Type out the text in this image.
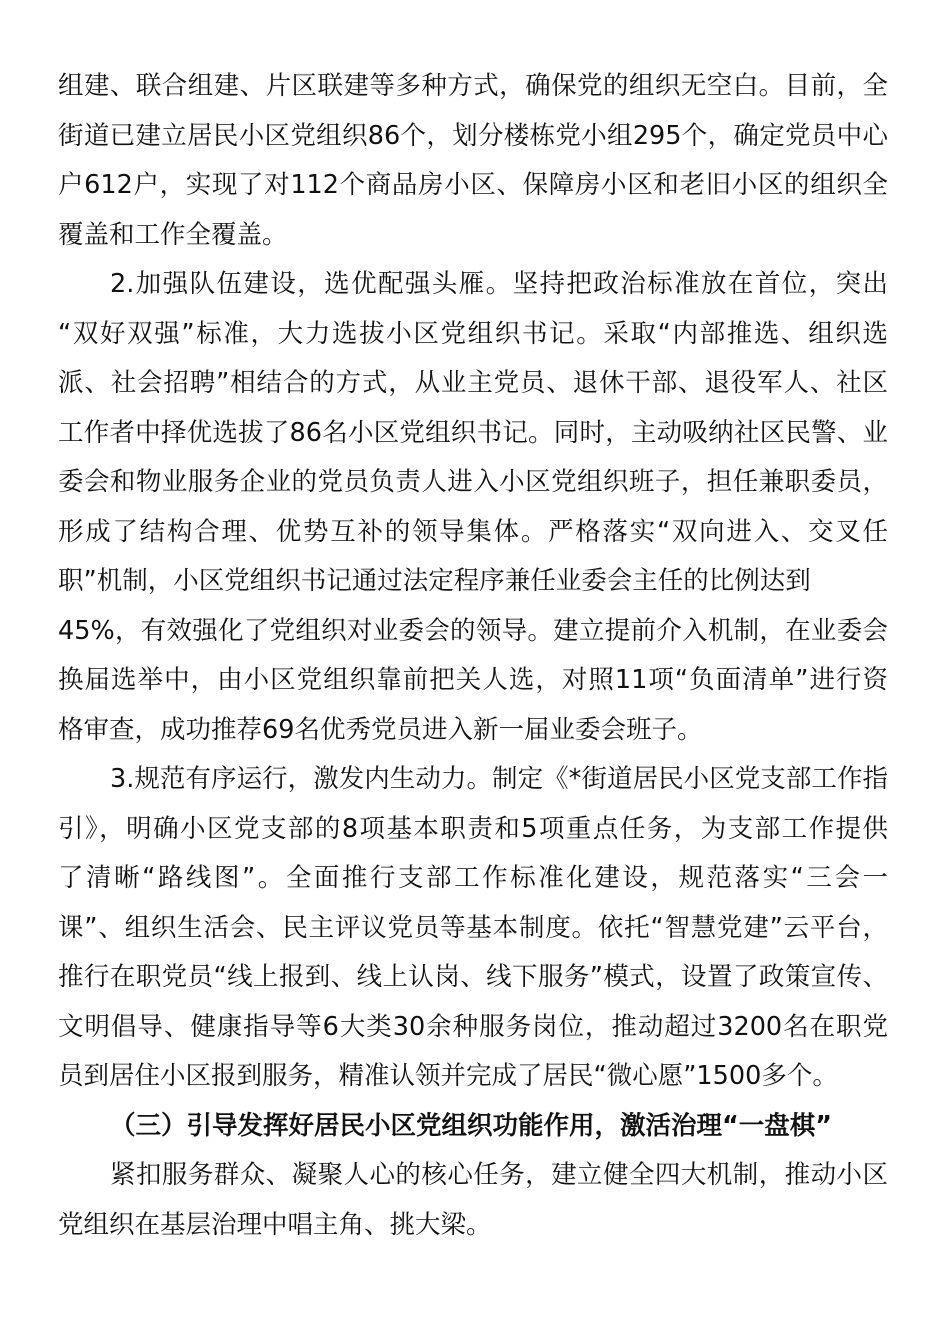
组建、联合组建、片区联建等多种方式，确保党的组织无空白。目前，全
街道已建立居民小区党组织86个，划分楼栋党小组295个，确定党员中心
户612户，实现了对112个商品房小区、保障房小区和老旧小区的组织全
覆盖和工作全覆盖。
2.加强队伍建设，选优配强头雁。坚持把政治标准放在首位，突出
“双好双强”标准，大力选拔小区党组织书记。采取“内部推选、组织选
派、社会招聘”相结合的方式，从业主党员、退休干部、退役军人、社区
工作者中择优选拔了86名小区党组织书记。同时，主动吸纳社区民警、业
委会和物业服务企业的党员负责人进入小区党组织班子，担任兼职委员，
形成了结构合理、优势互补的领导集体。严格落实“双向进入、交叉任
职”机制，小区党组织书记通过法定程序兼任业委会主任的比例达到
45%，有效强化了党组织对业委会的领导。建立提前介入机制，在业委会
换届选举中，由小区党组织靠前把关人选，对照11项“负面清单”进行资
格审查，成功推荐69名优秀党员进入新一届业委会班子。
3.规范有序运行，激发内生动力。制定《*街道居民小区党支部工作指
引》，明确小区党支部的8项基本职责和5项重点任务，为支部工作提供
了清晰“路线图”。全面推行支部工作标准化建设，规范落实“三会一
课”、组织生活会、民主评议党员等基本制度。依托“智慧党建”云平台，
推行在职党员“线上报到、线上认岗、线下服务”模式，设置了政策宣传、
文明倡导、健康指导等6大类30余种服务岗位，推动超过3200名在职党
员到居住小区报到服务，精准认领并完成了居民“微心愿”1500多个。
（三）引导发挥好居民小区党组织功能作用，激活治理“一盘棋”
紧扣服务群众、凝聚人心的核心任务，建立健全四大机制，推动小区
党组织在基层治理中唱主角、挑大梁。
